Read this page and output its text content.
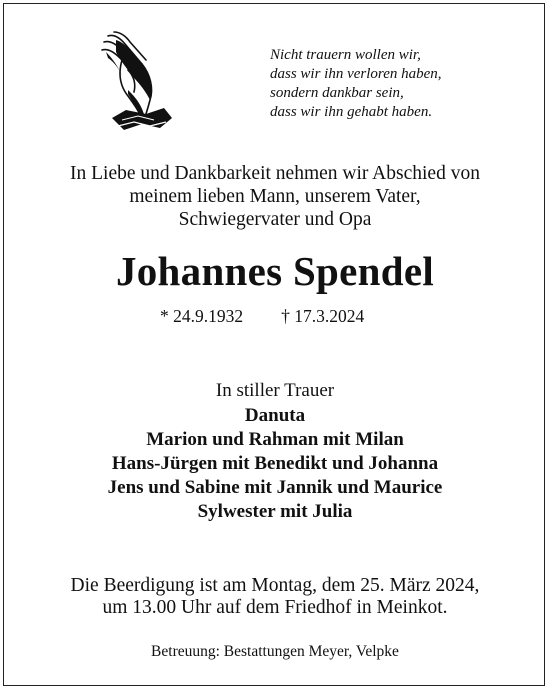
Nicht trauern wollen wir,
dass wir ihn verloren haben,
sondern dankbar sein,
dass wir ihn gehabt haben.
In Liebe und Dankbarkeit nehmen wir Abschied von
meinem lieben Mann, unserem Vater,
Schwiegervater und Opa
Johannes Spendel
* 24.9.1932 † 17.3.2024
In stiller Trauer
Danuta
Marion und Rahman mit Milan
Hans-Jürgen mit Benedikt und Johanna
Jens und Sabine mit Jannik und Maurice
Sylwester mit Julia
Die Beerdigung ist am Montag, dem 25. März 2024,
um 13.00 Uhr auf dem Friedhof in Meinkot.
Betreuung: Bestattungen Meyer, Velpke
